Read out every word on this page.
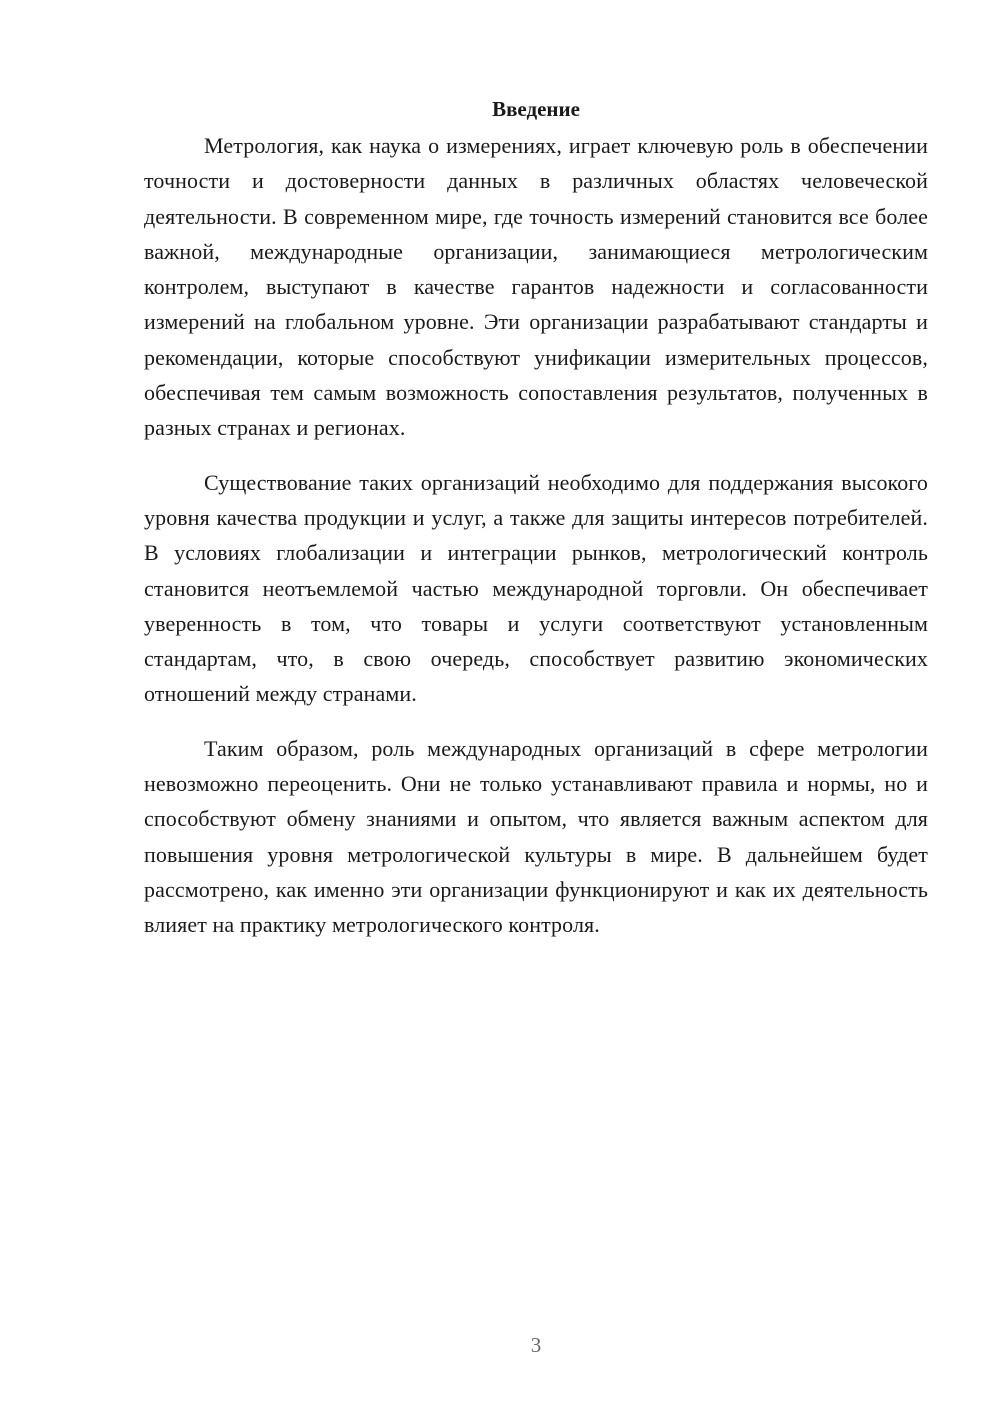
Введение

Метрология, как наука о измерениях, играет ключевую роль в обеспечении точности и достоверности данных в различных областях человеческой деятельности. В современном мире, где точность измерений становится все более важной, международные организации, занимающиеся метрологическим контролем, выступают в качестве гарантов надежности и согласованности измерений на глобальном уровне. Эти организации разрабатывают стандарты и рекомендации, которые способствуют унификации измерительных процессов, обеспечивая тем самым возможность сопоставления результатов, полученных в разных странах и регионах.

Существование таких организаций необходимо для поддержания высокого уровня качества продукции и услуг, а также для защиты интересов потребителей. В условиях глобализации и интеграции рынков, метрологический контроль становится неотъемлемой частью международной торговли. Он обеспечивает уверенность в том, что товары и услуги соответствуют установленным стандартам, что, в свою очередь, способствует развитию экономических отношений между странами.

Таким образом, роль международных организаций в сфере метрологии невозможно переоценить. Они не только устанавливают правила и нормы, но и способствуют обмену знаниями и опытом, что является важным аспектом для повышения уровня метрологической культуры в мире. В дальнейшем будет рассмотрено, как именно эти организации функционируют и как их деятельность влияет на практику метрологического контроля.

3
